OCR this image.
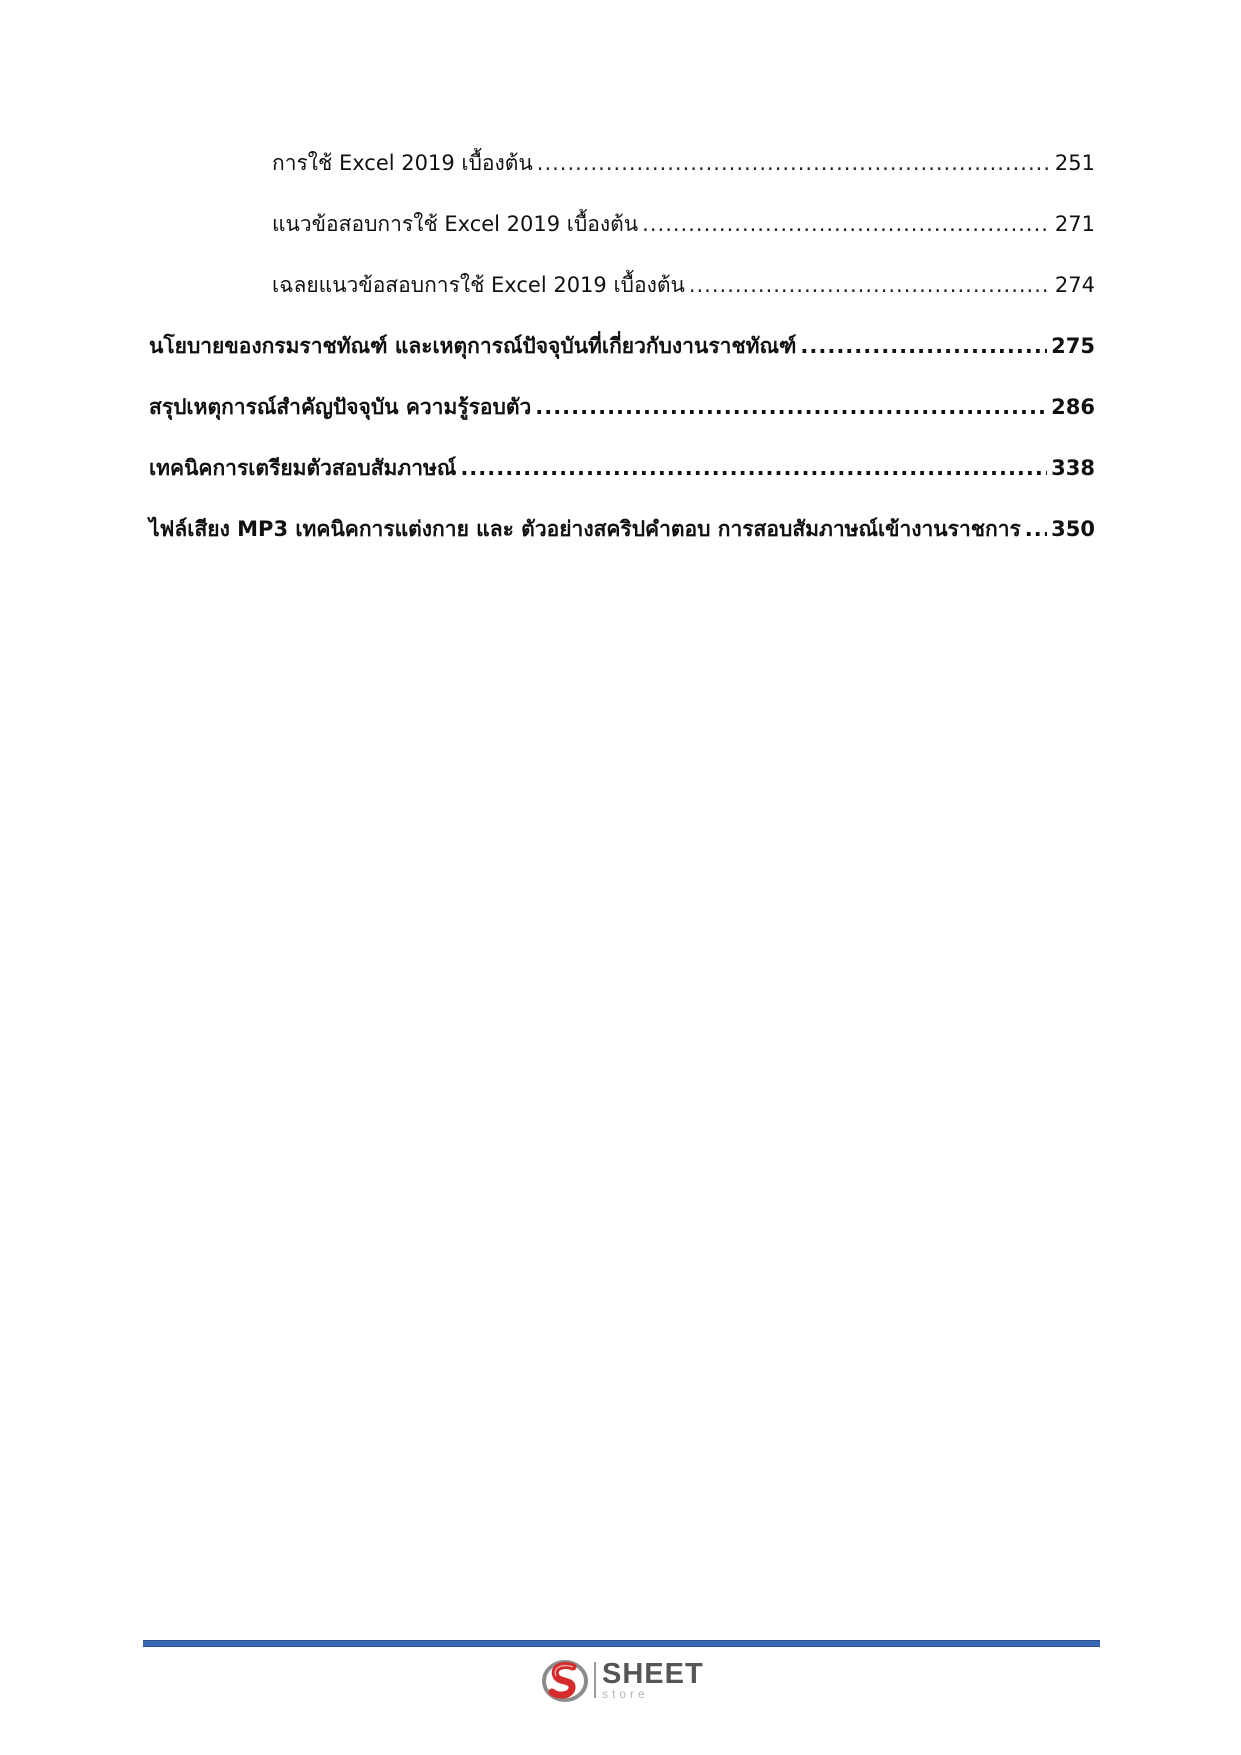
การใช้ Excel 2019 เบื้องต้น .....	251
แนวข้อสอบการใช้ Excel 2019 เบื้องต้น .....	271
เฉลยแนวข้อสอบการใช้ Excel 2019 เบื้องต้น .....	274
นโยบายของกรมราชทัณฑ์ และเหตุการณ์ปัจจุบันที่เกี่ยวกับงานราชทัณฑ์ .....	275
สรุปเหตุการณ์สำคัญปัจจุบัน ความรู้รอบตัว .....	286
เทคนิคการเตรียมตัวสอบสัมภาษณ์ .....	338
ไฟล์เสียง MP3 เทคนิคการแต่งกาย และ ตัวอย่างสคริปคำตอบ การสอบสัมภาษณ์เข้างานราชการ ..... 350
SHEET
store
